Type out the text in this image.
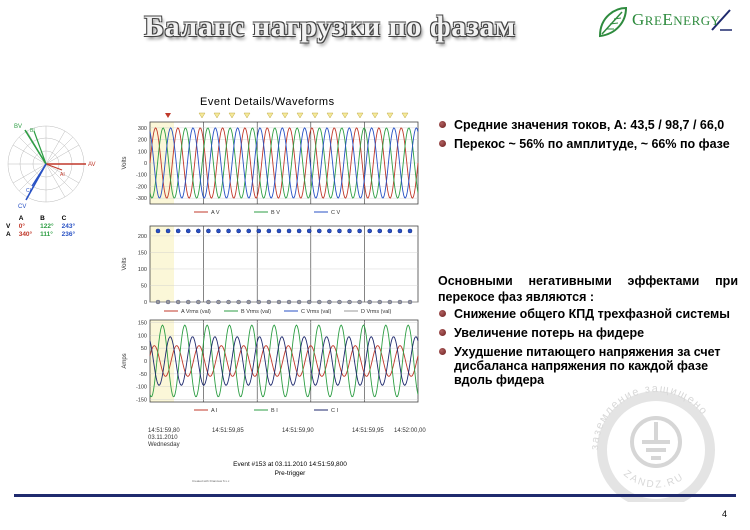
Баланс нагрузки по фазам	GREENERGY
BV
BI
AV
AI
CV
CI
	A	B	C
V	0°	122°	243°
A	340°	111°	236°
Event Details/Waveforms
300
200
100
0
-100
-200
-300
Volts
A V	B V	C V
200
150
100
50
0
Volts
A Vrms (val)	B Vrms (val)	C Vrms (val)	D Vrms (val)
150
100
50
0
-50
-100
-150
Amps
A I	B I	C I
14:51:59,80	14:51:59,85	14:51:59,90	14:51:59,95 14:52:00,00
03.11.2010
Wednesday
Event #153 at 03.11.2010 14:51:59,800
Pre-trigger
Created with Dranview 6.x.x
Средние значения токов, А: 43,5 / 98,7 / 66,0
Перекос ~ 56% по амплитуде, ~ 66% по фазе
Основными негативными эффектами при перекосе фаз являются :
Снижение общего КПД трехфазной системы
Увеличение потерь на фидере
Ухудшение питающего напряжения за счет дисбаланса напряжения по каждой фазе вдоль фидера
заземление защищено
ZANDZ.RU
4
